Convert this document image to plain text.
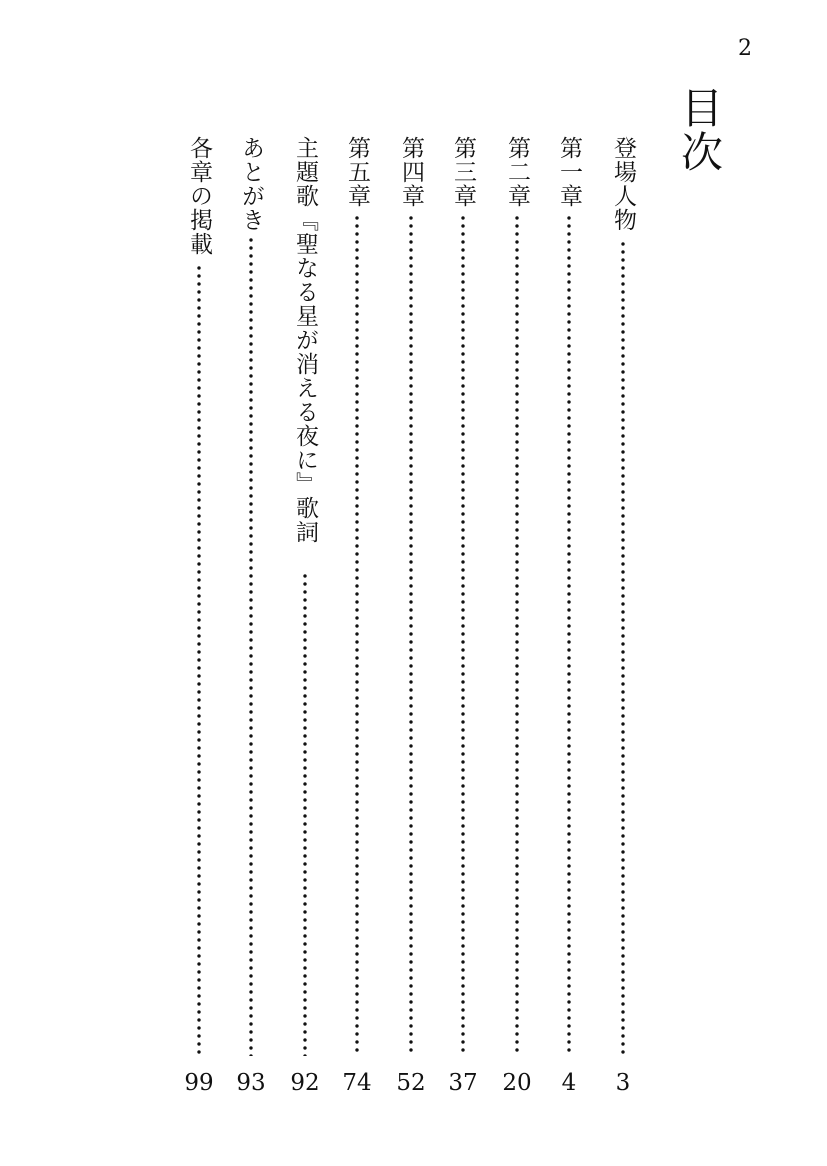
2
目次
登場人物
第一章
第二章
第三章
第四章
第五章
主題歌『聖なる星が消える夜に』歌詞
あとがき
各章の掲載
3
4
20
37
52
74
92
93
99
